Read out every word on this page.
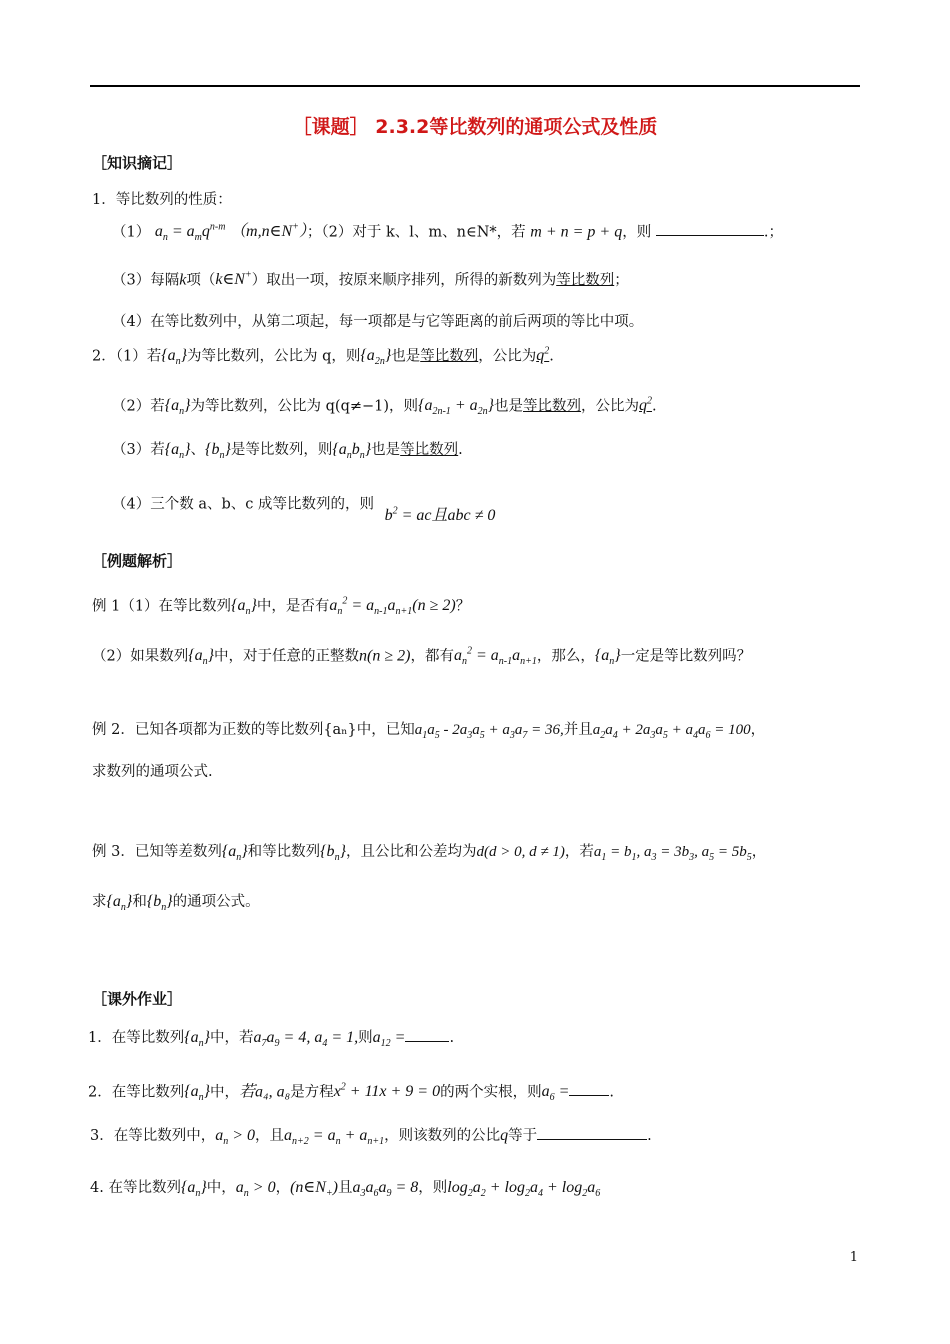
［课题］ 2.3.2等比数列的通项公式及性质
［知识摘记］
1．等比数列的性质：
（1） $a_n = a_mq^{n-m}$ （m,n∈N+）；（2）对于 k、l、m、n∈N*，若 m + n = p + q，则	.；
（3）每隔k项（k∈N+）取出一项，按原来顺序排列，所得的新数列为等比数列；
（4）在等比数列中，从第二项起，每一项都是与它等距离的前后两项的等比中项。
2．（1）若$\{a_n\}$为等比数列，公比为 q，则$\{a_{2n}\}$也是等比数列，公比为$q^2$.
（2）若$\{a_n\}$为等比数列，公比为 q(q≠−1)，则$\{a_{2n-1} + a_{2n}\}$也是等比数列，公比为$q^2$.
（3）若$\{a_n\}$、$\{b_n\}$是等比数列，则$\{a_nb_n\}$也是等比数列.
（4）三个数 a、b、c 成等比数列的，则 $b^2$ = ac且abc ≠ 0
［例题解析］
例 1（1）在等比数列$\{a_n\}$中，是否有$a_n^2 = a_{n-1}a_{n+1}(n \ge 2)$？
（2）如果数列$\{a_n\}$中，对于任意的正整数n(n ≥ 2)，都有$a_n^2 = a_{n-1}a_{n+1}$，那么，$\{a_n\}$一定是等比数列吗？
例 2．已知各项都为正数的等比数列{aₙ}中，已知$a_1a_5 - 2a_3a_5 + a_3a_7 = 36$,并且$a_2a_4 + 2a_3a_5 + a_4a_6 = 100$，
求数列的通项公式.
例 3．已知等差数列$\{a_n\}$和等比数列$\{b_n\}$，且公比和公差均为d(d > 0, d ≠ 1)，若$a_1 = b_1$, $a_3 = 3b_3$, $a_5 = 5b_5$，
求$\{a_n\}$和$\{b_n\}$的通项公式。
［课外作业］
1．在等比数列$\{a_n\}$中，若$a_7a_9 = 4$, $a_4 = 1$,则$a_{12}$ =	.
2．在等比数列$\{a_n\}$中，若a₄, a₈是方程$x^2 + 11x + 9 = 0$的两个实根，则$a_6$ =	.
3．在等比数列中，$a_n > 0$，且$a_{n+2} = a_n + a_{n+1}$，则该数列的公比q等于	.
4. 在等比数列$\{a_n\}$中，$a_n > 0$，$(n\in N_+)$且$a_3a_6a_9 = 8$，则$\log_2a_2 + \log_2a_4 + \log_2a_6$
1
